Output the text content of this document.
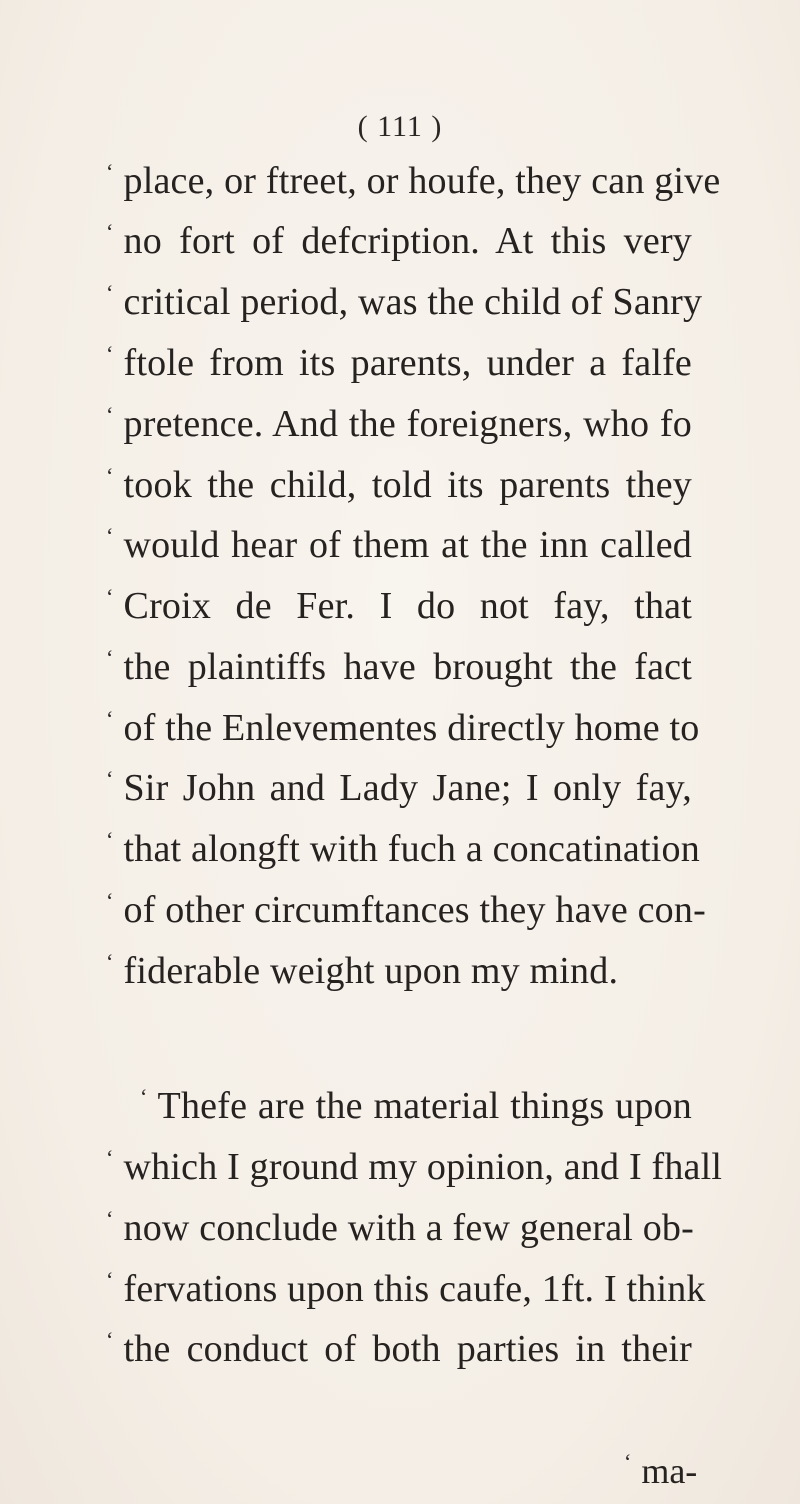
( 111 )
‘ place, or ftreet, or houfe, they can give
‘ no fort of defcription. At this very
‘ critical period, was the child of Sanry
‘ ftole from its parents, under a falfe
‘ pretence. And the foreigners, who fo
‘ took the child, told its parents they
‘ would hear of them at the inn called
‘ Croix de Fer. I do not fay, that
‘ the plaintiffs have brought the fact
‘ of the Enlevementes directly home to
‘ Sir John and Lady Jane; I only fay,
‘ that alongft with fuch a concatination
‘ of other circumftances they have con-
‘ fiderable weight upon my mind.
‘ Thefe are the material things upon
‘ which I ground my opinion, and I fhall
‘ now conclude with a few general ob-
‘ fervations upon this caufe, 1ft. I think
‘ the conduct of both parties in their
‘ ma-
